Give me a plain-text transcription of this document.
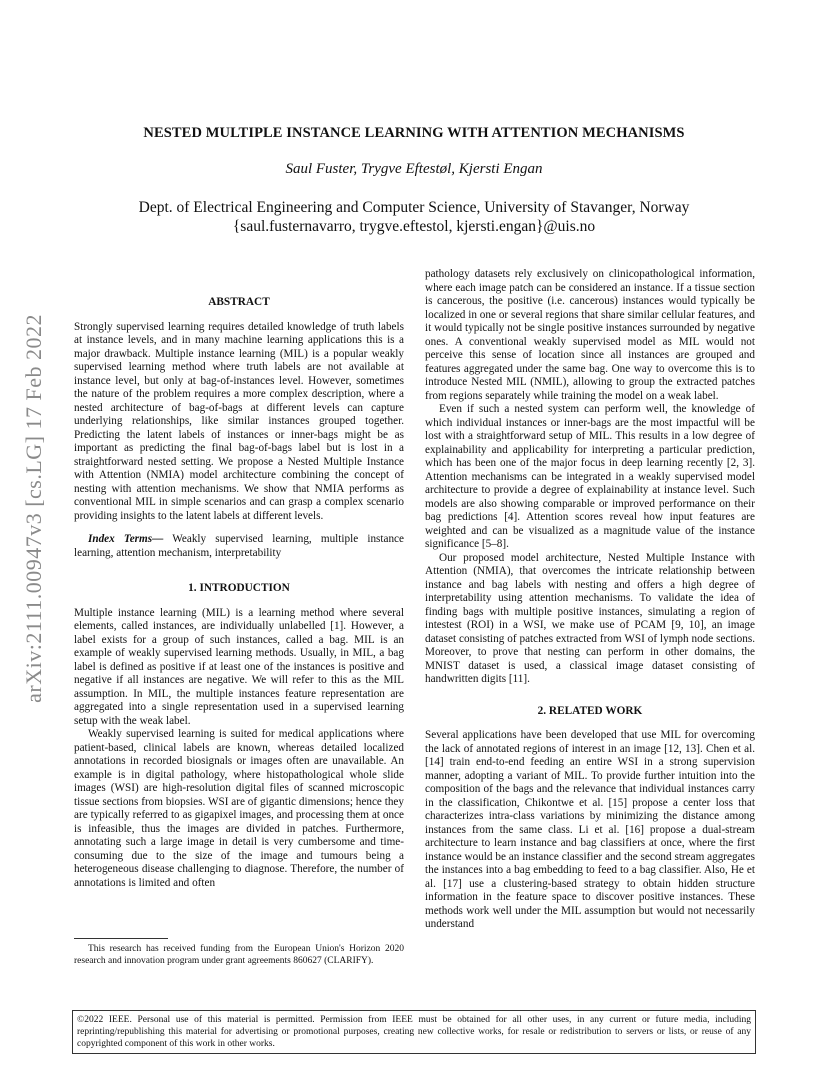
arXiv:2111.00947v3 [cs.LG] 17 Feb 2022
NESTED MULTIPLE INSTANCE LEARNING WITH ATTENTION MECHANISMS
Saul Fuster, Trygve Eftestøl, Kjersti Engan
Dept. of Electrical Engineering and Computer Science, University of Stavanger, Norway
{saul.fusternavarro, trygve.eftestol, kjersti.engan}@uis.no
ABSTRACT

Strongly supervised learning requires detailed knowledge of truth labels at instance levels, and in many machine learning applications this is a major drawback. Multiple instance learning (MIL) is a popular weakly supervised learning method where truth labels are not available at instance level, but only at bag-of-instances level. However, sometimes the nature of the problem requires a more complex description, where a nested architecture of bag-of-bags at different levels can capture underlying relationships, like similar instances grouped together. Predicting the latent labels of instances or inner-bags might be as important as predicting the final bag-of-bags label but is lost in a straightforward nested setting. We propose a Nested Multiple Instance with Attention (NMIA) model architecture combining the concept of nesting with attention mechanisms. We show that NMIA performs as conventional MIL in simple scenarios and can grasp a complex scenario providing insights to the latent labels at different levels.

Index Terms— Weakly supervised learning, multiple instance learning, attention mechanism, interpretability

1. INTRODUCTION

Multiple instance learning (MIL) is a learning method where several elements, called instances, are individually unlabelled [1]. However, a label exists for a group of such instances, called a bag. MIL is an example of weakly supervised learning methods. Usually, in MIL, a bag label is defined as positive if at least one of the instances is positive and negative if all instances are negative. We will refer to this as the MIL assumption. In MIL, the multiple instances feature representation are aggregated into a single representation used in a supervised learning setup with the weak label.

Weakly supervised learning is suited for medical applications where patient-based, clinical labels are known, whereas detailed localized annotations in recorded biosignals or images often are unavailable. An example is in digital pathology, where histopathological whole slide images (WSI) are high-resolution digital files of scanned microscopic tissue sections from biopsies. WSI are of gigantic dimensions; hence they are typically referred to as gigapixel images, and processing them at once is infeasible, thus the images are divided in patches. Furthermore, annotating such a large image in detail is very cumbersome and time-consuming due to the size of the image and tumours being a heterogeneous disease challenging to diagnose. Therefore, the number of annotations is limited and often

pathology datasets rely exclusively on clinicopathological information, where each image patch can be considered an instance. If a tissue section is cancerous, the positive (i.e. cancerous) instances would typically be localized in one or several regions that share similar cellular features, and it would typically not be single positive instances surrounded by negative ones. A conventional weakly supervised model as MIL would not perceive this sense of location since all instances are grouped and features aggregated under the same bag. One way to overcome this is to introduce Nested MIL (NMIL), allowing to group the extracted patches from regions separately while training the model on a weak label.

Even if such a nested system can perform well, the knowledge of which individual instances or inner-bags are the most impactful will be lost with a straightforward setup of MIL. This results in a low degree of explainability and applicability for interpreting a particular prediction, which has been one of the major focus in deep learning recently [2, 3]. Attention mechanisms can be integrated in a weakly supervised model architecture to provide a degree of explainability at instance level. Such models are also showing comparable or improved performance on their bag predictions [4]. Attention scores reveal how input features are weighted and can be visualized as a magnitude value of the instance significance [5–8].

Our proposed model architecture, Nested Multiple Instance with Attention (NMIA), that overcomes the intricate relationship between instance and bag labels with nesting and offers a high degree of interpretability using attention mechanisms. To validate the idea of finding bags with multiple positive instances, simulating a region of intestest (ROI) in a WSI, we make use of PCAM [9, 10], an image dataset consisting of patches extracted from WSI of lymph node sections. Moreover, to prove that nesting can perform in other domains, the MNIST dataset is used, a classical image dataset consisting of handwritten digits [11].

2. RELATED WORK

Several applications have been developed that use MIL for overcoming the lack of annotated regions of interest in an image [12, 13]. Chen et al. [14] train end-to-end feeding an entire WSI in a strong supervision manner, adopting a variant of MIL. To provide further intuition into the composition of the bags and the relevance that individual instances carry in the classification, Chikontwe et al. [15] propose a center loss that characterizes intra-class variations by minimizing the distance among instances from the same class. Li et al. [16] propose a dual-stream architecture to learn instance and bag classifiers at once, where the first instance would be an instance classifier and the second stream aggregates the instances into a bag embedding to feed to a bag classifier. Also, He et al. [17] use a clustering-based strategy to obtain hidden structure information in the feature space to discover positive instances. These methods work well under the MIL assumption but would not necessarily understand

This research has received funding from the European Union's Horizon 2020 research and innovation program under grant agreements 860627 (CLARIFY).
©2022 IEEE. Personal use of this material is permitted. Permission from IEEE must be obtained for all other uses, in any current or future media, including reprinting/republishing this material for advertising or promotional purposes, creating new collective works, for resale or redistribution to servers or lists, or reuse of any copyrighted component of this work in other works.
